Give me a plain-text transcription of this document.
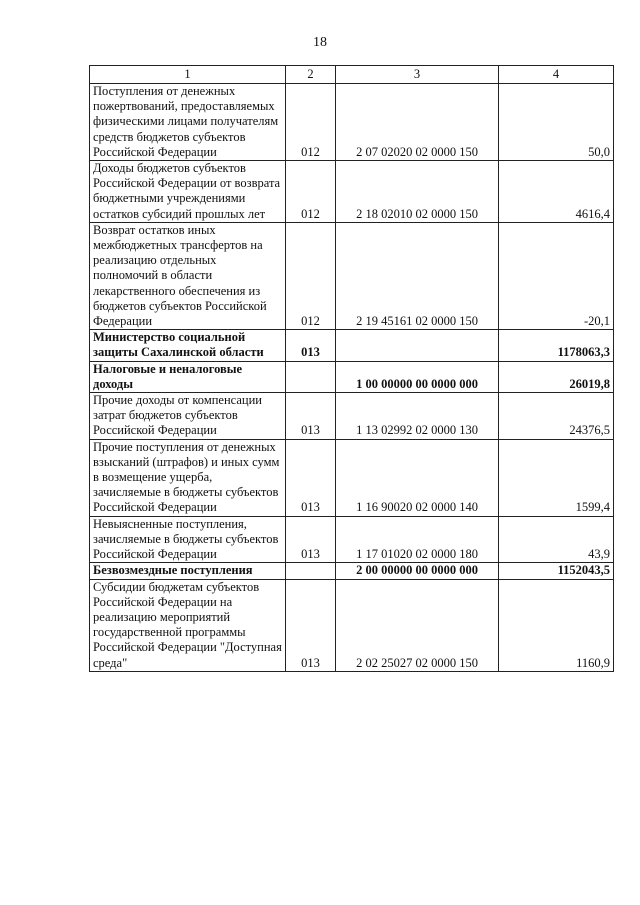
18
1	2	3	4
Поступления от денежных пожертвований, предоставляемых физическими лицами получателям средств бюджетов субъектов Российской Федерации	012	2 07 02020 02 0000 150	50,0
Доходы бюджетов субъектов Российской Федерации от возврата бюджетными учреждениями остатков субсидий прошлых лет	012	2 18 02010 02 0000 150	4616,4
Возврат остатков иных межбюджетных трансфертов на реализацию отдельных полномочий в области лекарственного обеспечения из бюджетов субъектов Российской Федерации	012	2 19 45161 02 0000 150	-20,1
Министерство социальной защиты Сахалинской области	013		1178063,3
Налоговые и неналоговые доходы		1 00 00000 00 0000 000	26019,8
Прочие доходы от компенсации затрат бюджетов субъектов Российской Федерации	013	1 13 02992 02 0000 130	24376,5
Прочие поступления от денежных взысканий (штрафов) и иных сумм в возмещение ущерба, зачисляемые в бюджеты субъектов Российской Федерации	013	1 16 90020 02 0000 140	1599,4
Невыясненные поступления, зачисляемые в бюджеты субъектов Российской Федерации	013	1 17 01020 02 0000 180	43,9
Безвозмездные поступления		2 00 00000 00 0000 000	1152043,5
Субсидии бюджетам субъектов Российской Федерации на реализацию мероприятий государственной программы Российской Федерации "Доступная среда"	013	2 02 25027 02 0000 150	1160,9
